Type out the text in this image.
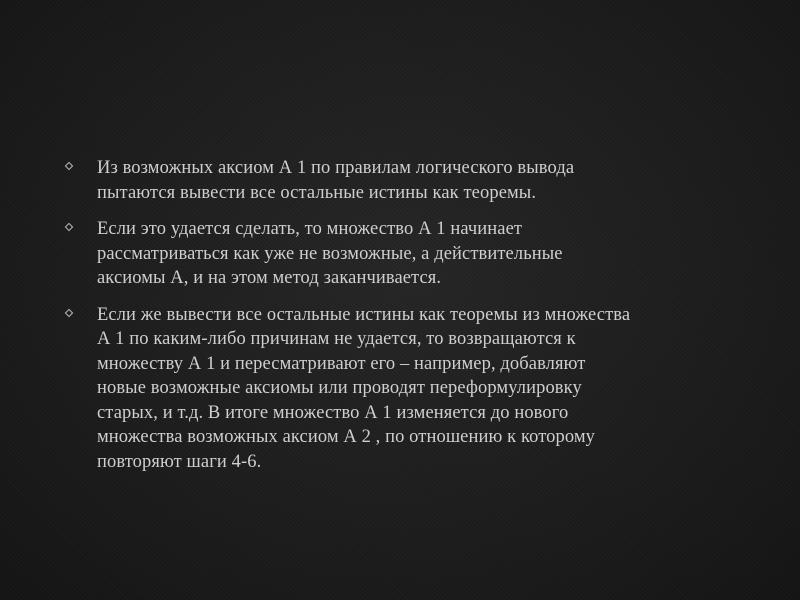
Из возможных аксиом А 1 по правилам логического вывода
пытаются вывести все остальные истины как теоремы.
Если это удается сделать, то множество А 1 начинает
рассматриваться как уже не возможные, а действительные
аксиомы А, и на этом метод заканчивается.
Если же вывести все остальные истины как теоремы из множества
А 1 по каким-либо причинам не удается, то возвращаются к
множеству А 1 и пересматривают его – например, добавляют
новые возможные аксиомы или проводят переформулировку
старых, и т.д. В итоге множество А 1 изменяется до нового
множества возможных аксиом А 2 , по отношению к которому
повторяют шаги 4-6.
